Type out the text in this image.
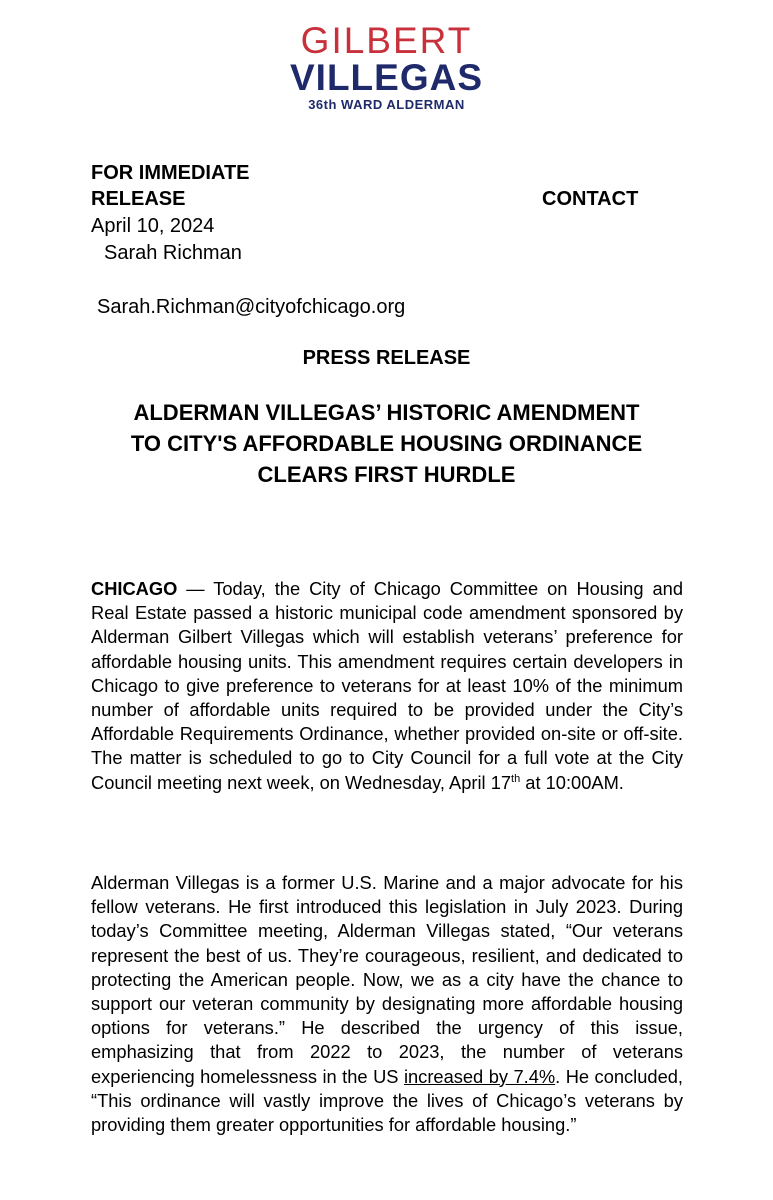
GILBERT
VILLEGAS
36th WARD ALDERMAN
FOR IMMEDIATE
RELEASE	CONTACT
April 10, 2024
Sarah Richman
Sarah.Richman@cityofchicago.org
PRESS RELEASE
ALDERMAN VILLEGAS’ HISTORIC AMENDMENT TO CITY'S AFFORDABLE HOUSING ORDINANCE CLEARS FIRST HURDLE

CHICAGO — Today, the City of Chicago Committee on Housing and Real Estate passed a historic municipal code amendment sponsored by Alderman Gilbert Villegas which will establish veterans’ preference for affordable housing units. This amendment requires certain developers in Chicago to give preference to veterans for at least 10% of the minimum number of affordable units required to be provided under the City’s Affordable Requirements Ordinance, whether provided on-site or off-site. The matter is scheduled to go to City Council for a full vote at the City Council meeting next week, on Wednesday, April 17th at 10:00AM.

Alderman Villegas is a former U.S. Marine and a major advocate for his fellow veterans. He first introduced this legislation in July 2023. During today’s Committee meeting, Alderman Villegas stated, “Our veterans represent the best of us. They’re courageous, resilient, and dedicated to protecting the American people. Now, we as a city have the chance to support our veteran community by designating more affordable housing options for veterans.” He described the urgency of this issue, emphasizing that from 2022 to 2023, the number of veterans experiencing homelessness in the US increased by 7.4%. He concluded, “This ordinance will vastly improve the lives of Chicago’s veterans by providing them greater opportunities for affordable housing.”
